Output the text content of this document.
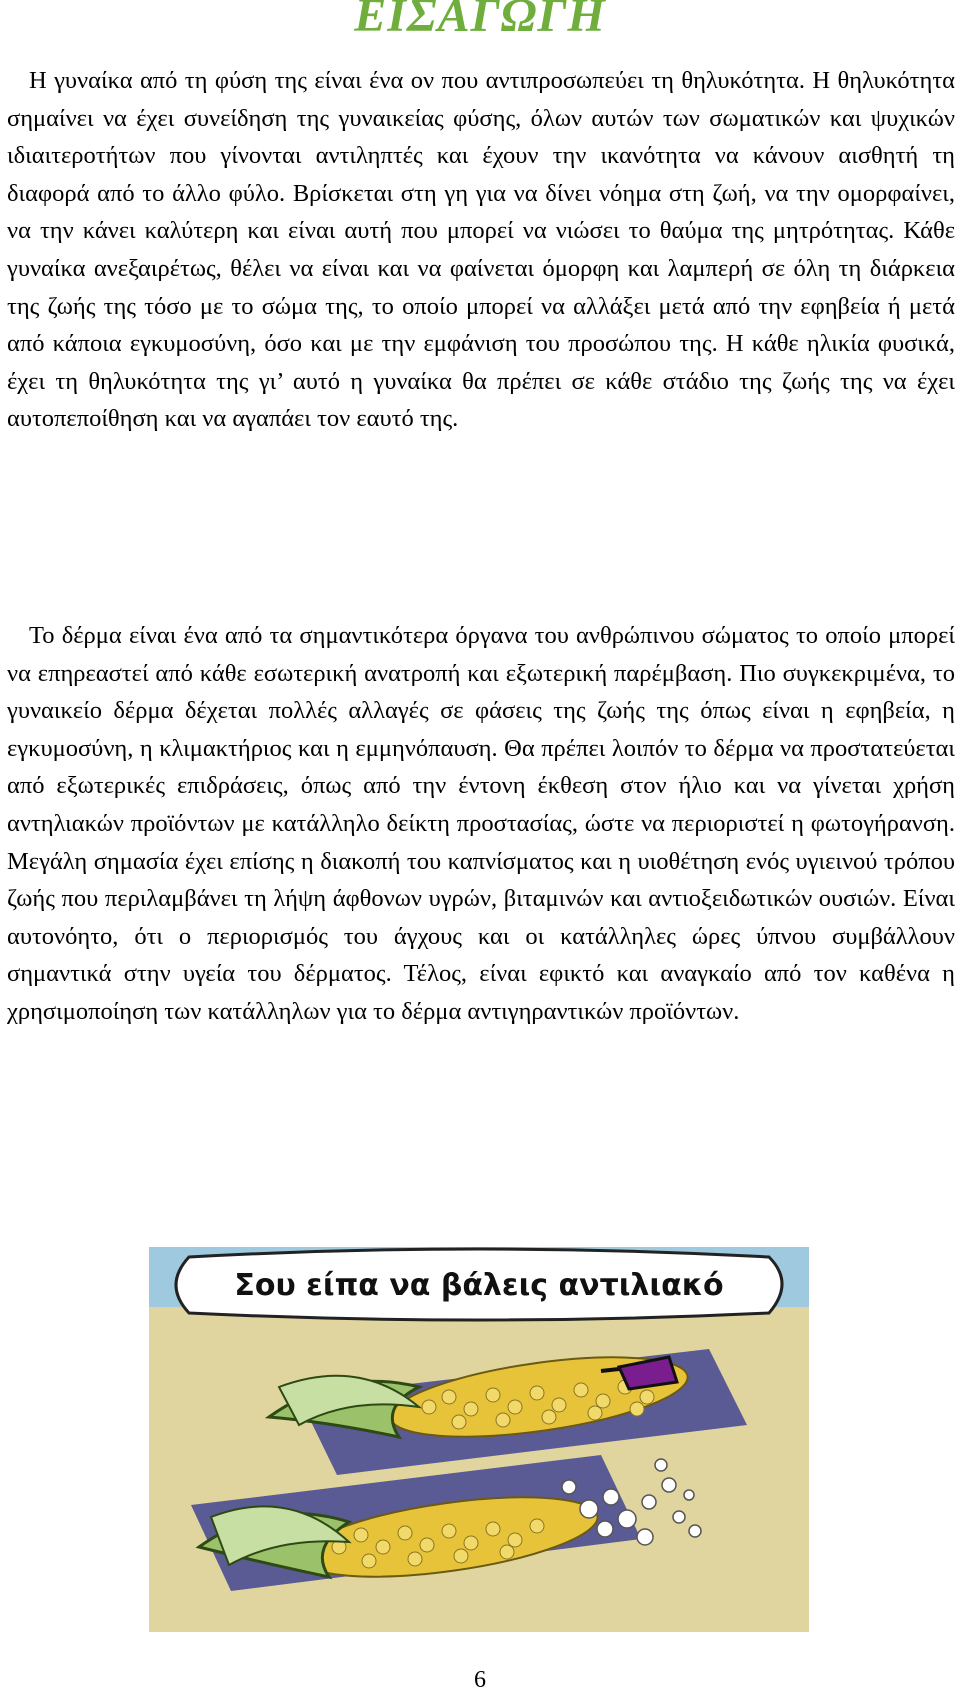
ΕΙΣΑΓΩΓΗ

Η γυναίκα από τη φύση της είναι ένα ον που αντιπροσωπεύει τη θηλυκότητα. Η θηλυκότητα σημαίνει να έχει συνείδηση της γυναικείας φύσης, όλων αυτών των σωματικών και ψυχικών ιδιαιτεροτήτων που γίνονται αντιληπτές και έχουν την ικανότητα να κάνουν αισθητή τη διαφορά από το άλλο φύλο. Βρίσκεται στη γη για να δίνει νόημα στη ζωή, να την ομορφαίνει, να την κάνει καλύτερη και είναι αυτή που μπορεί να νιώσει το θαύμα της μητρότητας. Κάθε γυναίκα ανεξαιρέτως, θέλει να είναι και να φαίνεται όμορφη και λαμπερή σε όλη τη διάρκεια της ζωής της τόσο με το σώμα της, το οποίο μπορεί να αλλάξει μετά από την εφηβεία ή μετά από κάποια εγκυμοσύνη, όσο και με την εμφάνιση του προσώπου της. Η κάθε ηλικία φυσικά, έχει τη θηλυκότητα της γι’ αυτό η γυναίκα θα πρέπει σε κάθε στάδιο της ζωής της να έχει αυτοπεποίθηση και να αγαπάει τον εαυτό της.

Το δέρμα είναι ένα από τα σημαντικότερα όργανα του ανθρώπινου σώματος το οποίο μπορεί να επηρεαστεί από κάθε εσωτερική ανατροπή και εξωτερική παρέμβαση. Πιο συγκεκριμένα, το γυναικείο δέρμα δέχεται πολλές αλλαγές σε φάσεις της ζωής της όπως είναι η εφηβεία, η εγκυμοσύνη, η κλιμακτήριος και η εμμηνόπαυση. Θα πρέπει λοιπόν το δέρμα να προστατεύεται από εξωτερικές επιδράσεις, όπως από την έντονη έκθεση στον ήλιο και να γίνεται χρήση αντηλιακών προϊόντων με κατάλληλο δείκτη προστασίας, ώστε να περιοριστεί η φωτογήρανση. Μεγάλη σημασία έχει επίσης η διακοπή του καπνίσματος και η υιοθέτηση ενός υγιεινού τρόπου ζωής που περιλαμβάνει τη λήψη άφθονων υγρών, βιταμινών και αντιοξειδωτικών ουσιών. Είναι αυτονόητο, ότι ο περιορισμός του άγχους και οι κατάλληλες ώρες ύπνου συμβάλλουν σημαντικά στην υγεία του δέρματος. Τέλος, είναι εφικτό και αναγκαίο από τον καθένα η χρησιμοποίηση των κατάλληλων για το δέρμα αντιγηραντικών προϊόντων.

Σου είπα να βάλεις αντιλιακό
6
